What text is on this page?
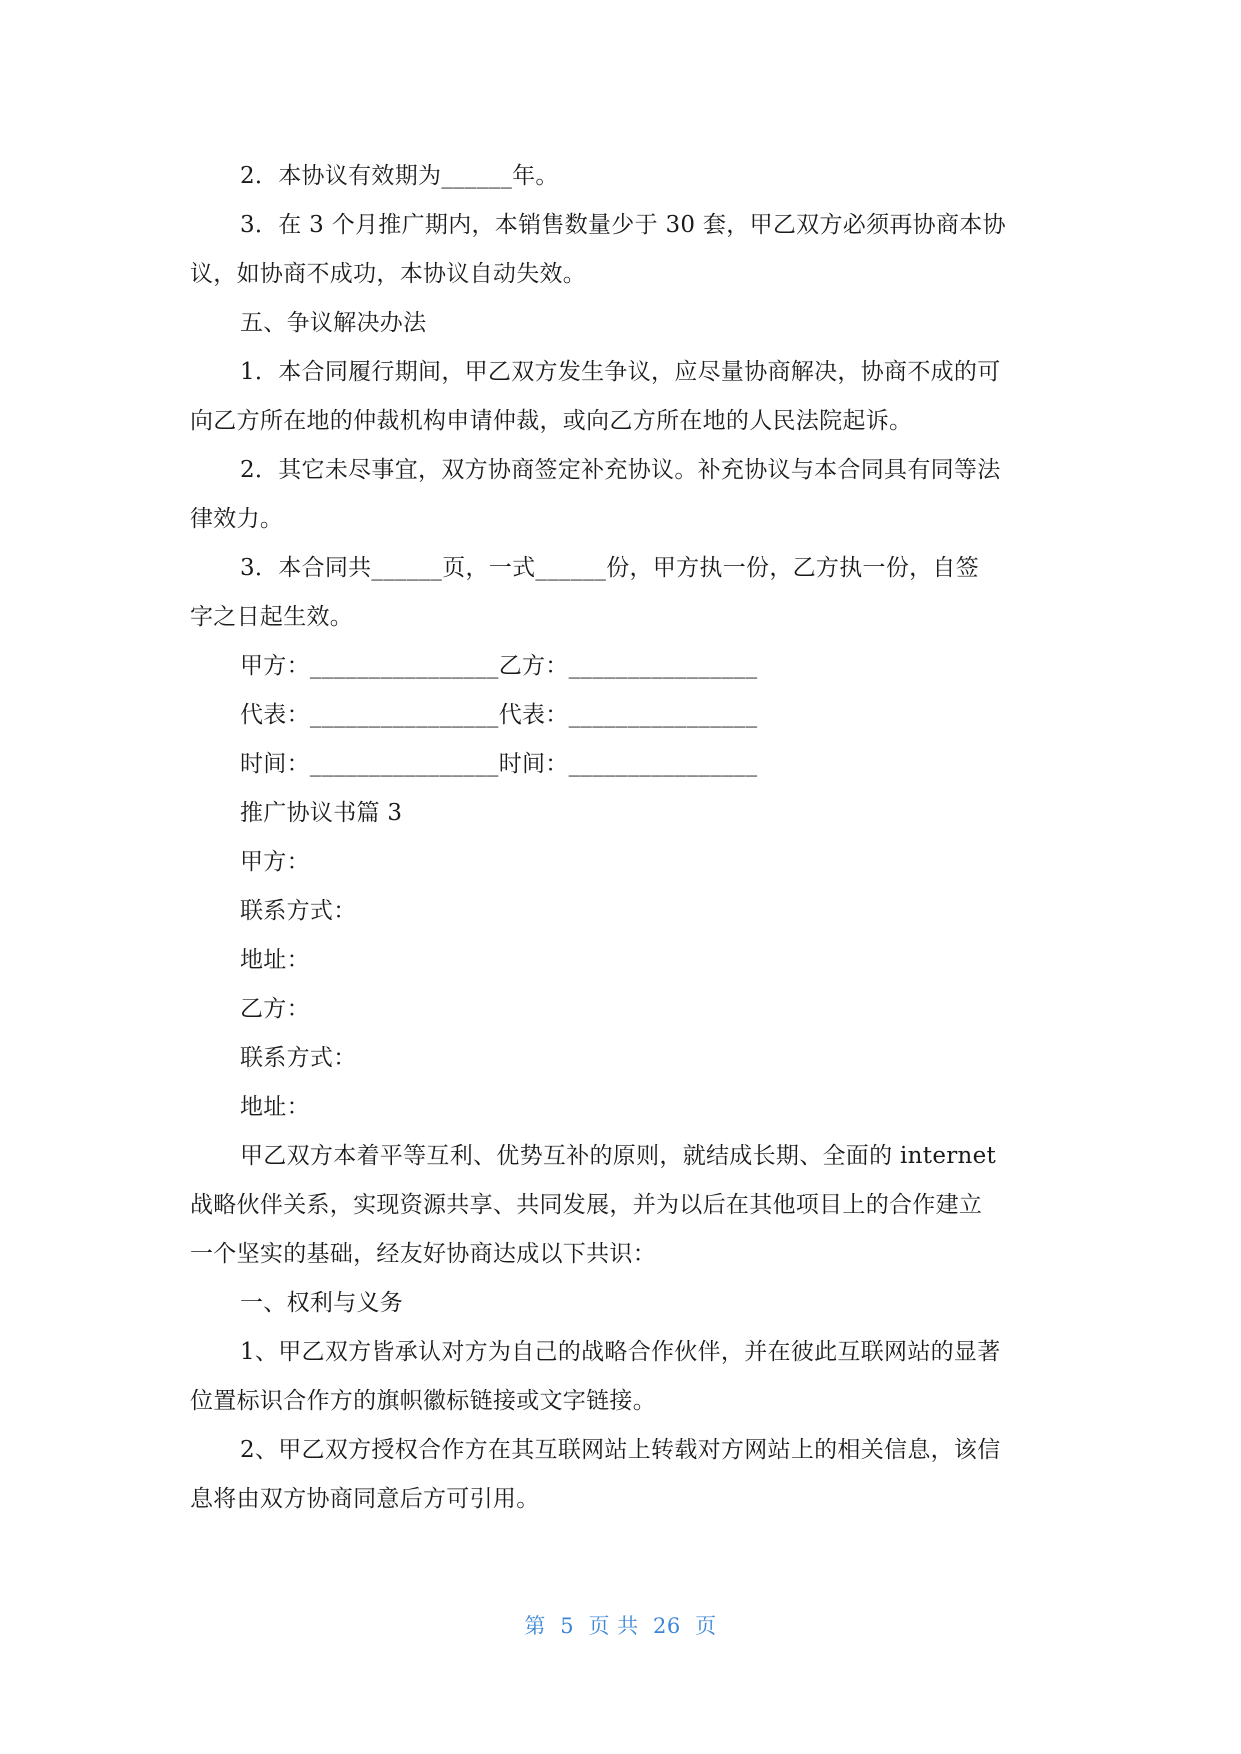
2．本协议有效期为______年。

3．在 3 个月推广期内，本销售数量少于 30 套，甲乙双方必须再协商本协

议，如协商不成功，本协议自动失效。

五、争议解决办法

1．本合同履行期间，甲乙双方发生争议，应尽量协商解决，协商不成的可

向乙方所在地的仲裁机构申请仲裁，或向乙方所在地的人民法院起诉。

2．其它未尽事宜，双方协商签定补充协议。补充协议与本合同具有同等法

律效力。

3．本合同共______页，一式______份，甲方执一份，乙方执一份，自签

字之日起生效。

甲方：________________乙方：________________

代表：________________代表：________________

时间：________________时间：________________

推广协议书篇 3

甲方：

联系方式：

地址：

乙方：

联系方式：

地址：

甲乙双方本着平等互利、优势互补的原则，就结成长期、全面的 internet

战略伙伴关系，实现资源共享、共同发展，并为以后在其他项目上的合作建立

一个坚实的基础，经友好协商达成以下共识：

一、权利与义务

1、甲乙双方皆承认对方为自己的战略合作伙伴，并在彼此互联网站的显著

位置标识合作方的旗帜徽标链接或文字链接。

2、甲乙双方授权合作方在其互联网站上转载对方网站上的相关信息，该信

息将由双方协商同意后方可引用。

第  5  页 共  26  页
